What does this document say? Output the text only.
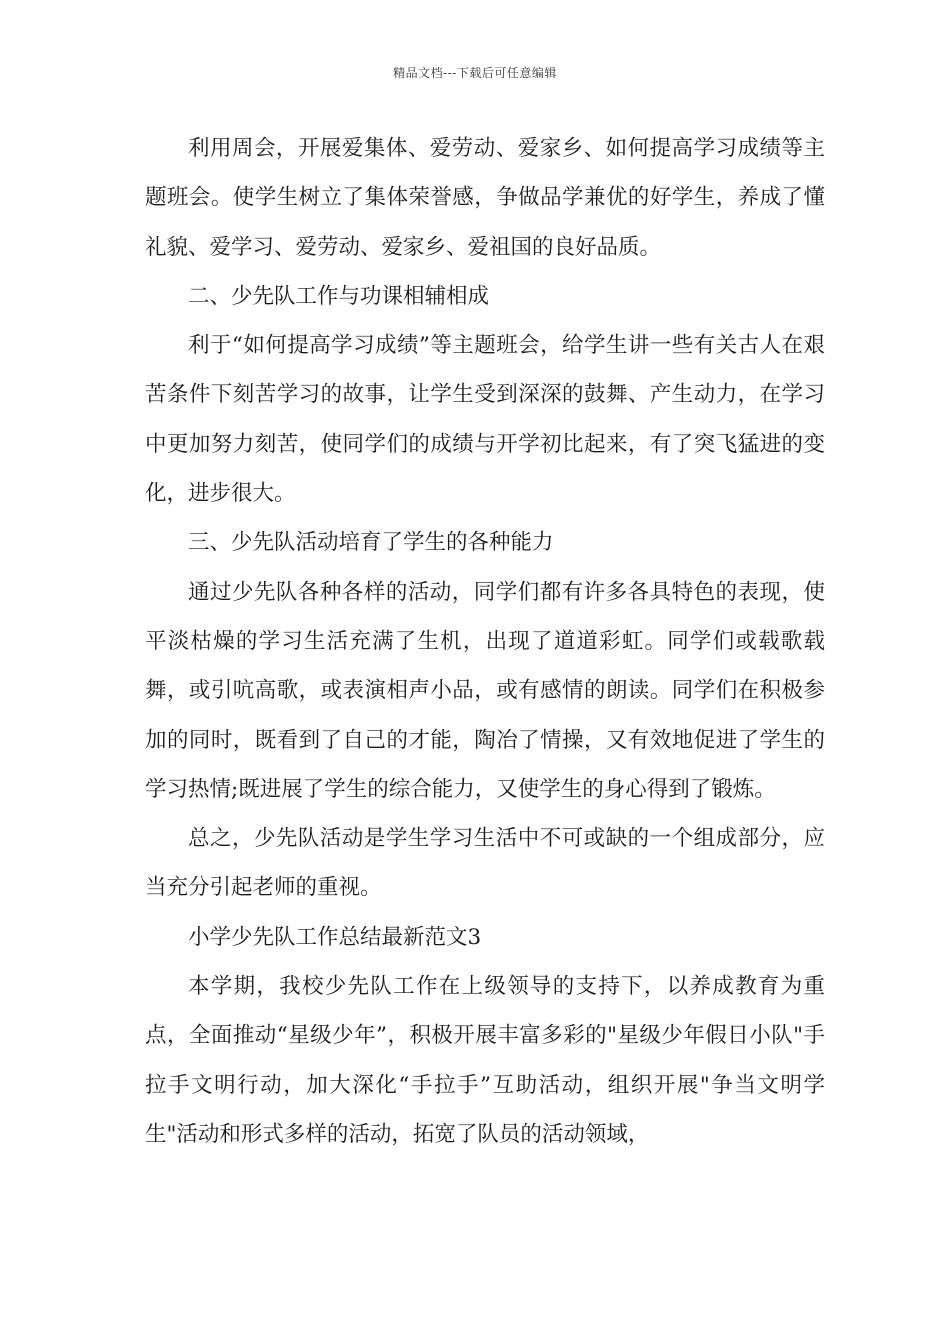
精品文档---下载后可任意编辑

利用周会，开展爱集体、爱劳动、爱家乡、如何提高学习成绩等主题班会。使学生树立了集体荣誉感，争做品学兼优的好学生，养成了懂礼貌、爱学习、爱劳动、爱家乡、爱祖国的良好品质。

二、少先队工作与功课相辅相成

利于“如何提高学习成绩”等主题班会，给学生讲一些有关古人在艰苦条件下刻苦学习的故事，让学生受到深深的鼓舞、产生动力，在学习中更加努力刻苦，使同学们的成绩与开学初比起来，有了突飞猛进的变化，进步很大。

三、少先队活动培育了学生的各种能力

通过少先队各种各样的活动，同学们都有许多各具特色的表现，使平淡枯燥的学习生活充满了生机，出现了道道彩虹。同学们或载歌载舞，或引吭高歌，或表演相声小品，或有感情的朗读。同学们在积极参加的同时，既看到了自己的才能，陶冶了情操，又有效地促进了学生的学习热情;既进展了学生的综合能力，又使学生的身心得到了锻炼。

总之，少先队活动是学生学习生活中不可或缺的一个组成部分，应当充分引起老师的重视。

小学少先队工作总结最新范文3

本学期，我校少先队工作在上级领导的支持下，以养成教育为重点，全面推动“星级少年”，积极开展丰富多彩的"星级少年假日小队"手拉手文明行动，加大深化“手拉手”互助活动，组织开展"争当文明学生"活动和形式多样的活动，拓宽了队员的活动领域，
